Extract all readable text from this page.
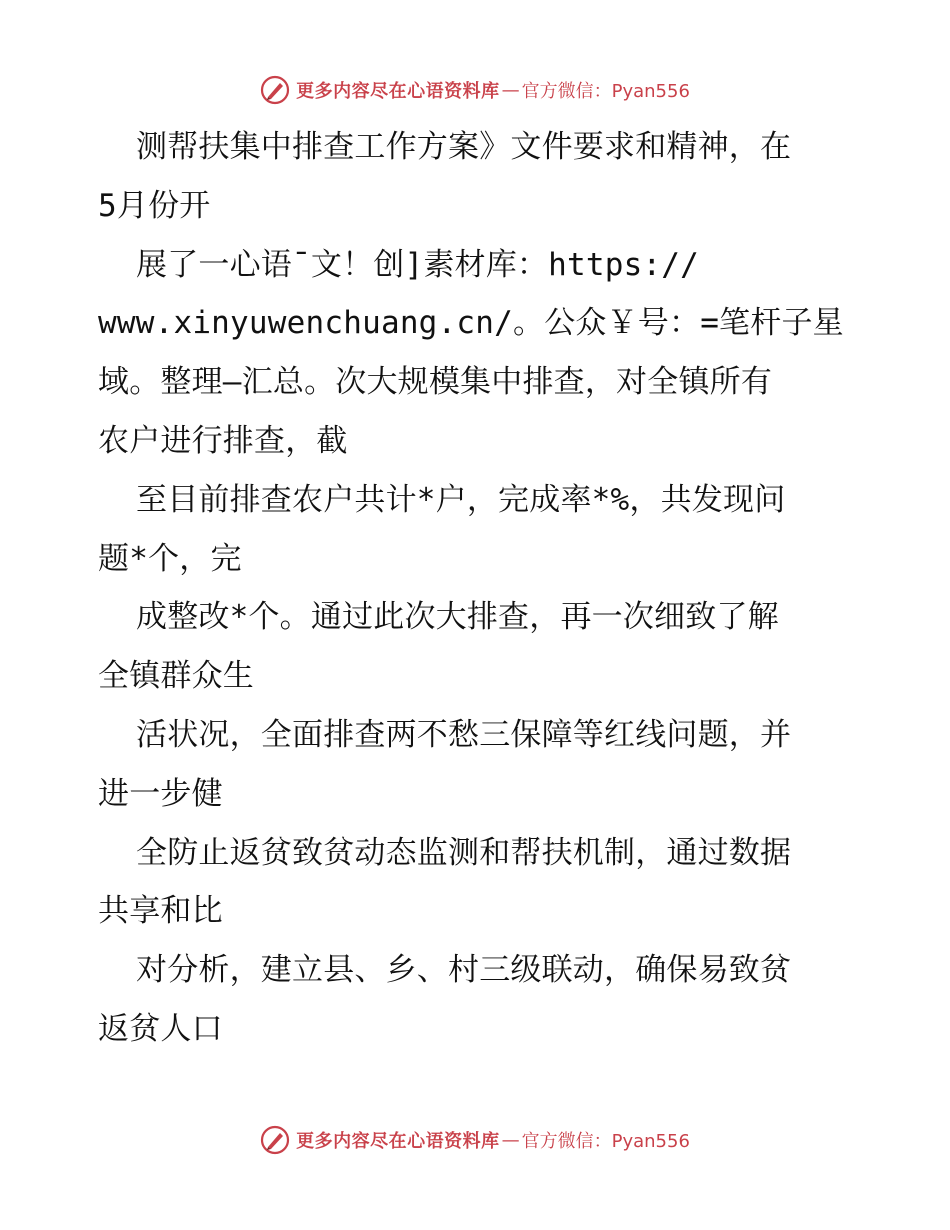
更多内容尽在心语资料库 — 官方微信：Pyan556
测帮扶集中排查工作方案》文件要求和精神，在
5月份开
展了一心语¯文！创]素材库：https://
www.xinyuwenchuang.cn/。公众￥号：=笔杆子星
域。整理—汇总。次大规模集中排查，对全镇所有
农户进行排查，截
至目前排查农户共计*户，完成率*%，共发现问
题*个，完
成整改*个。通过此次大排查，再一次细致了解
全镇群众生
活状况，全面排查两不愁三保障等红线问题，并
进一步健
全防止返贫致贫动态监测和帮扶机制，通过数据
共享和比
对分析，建立县、乡、村三级联动，确保易致贫
返贫人口
更多内容尽在心语资料库 — 官方微信：Pyan556
